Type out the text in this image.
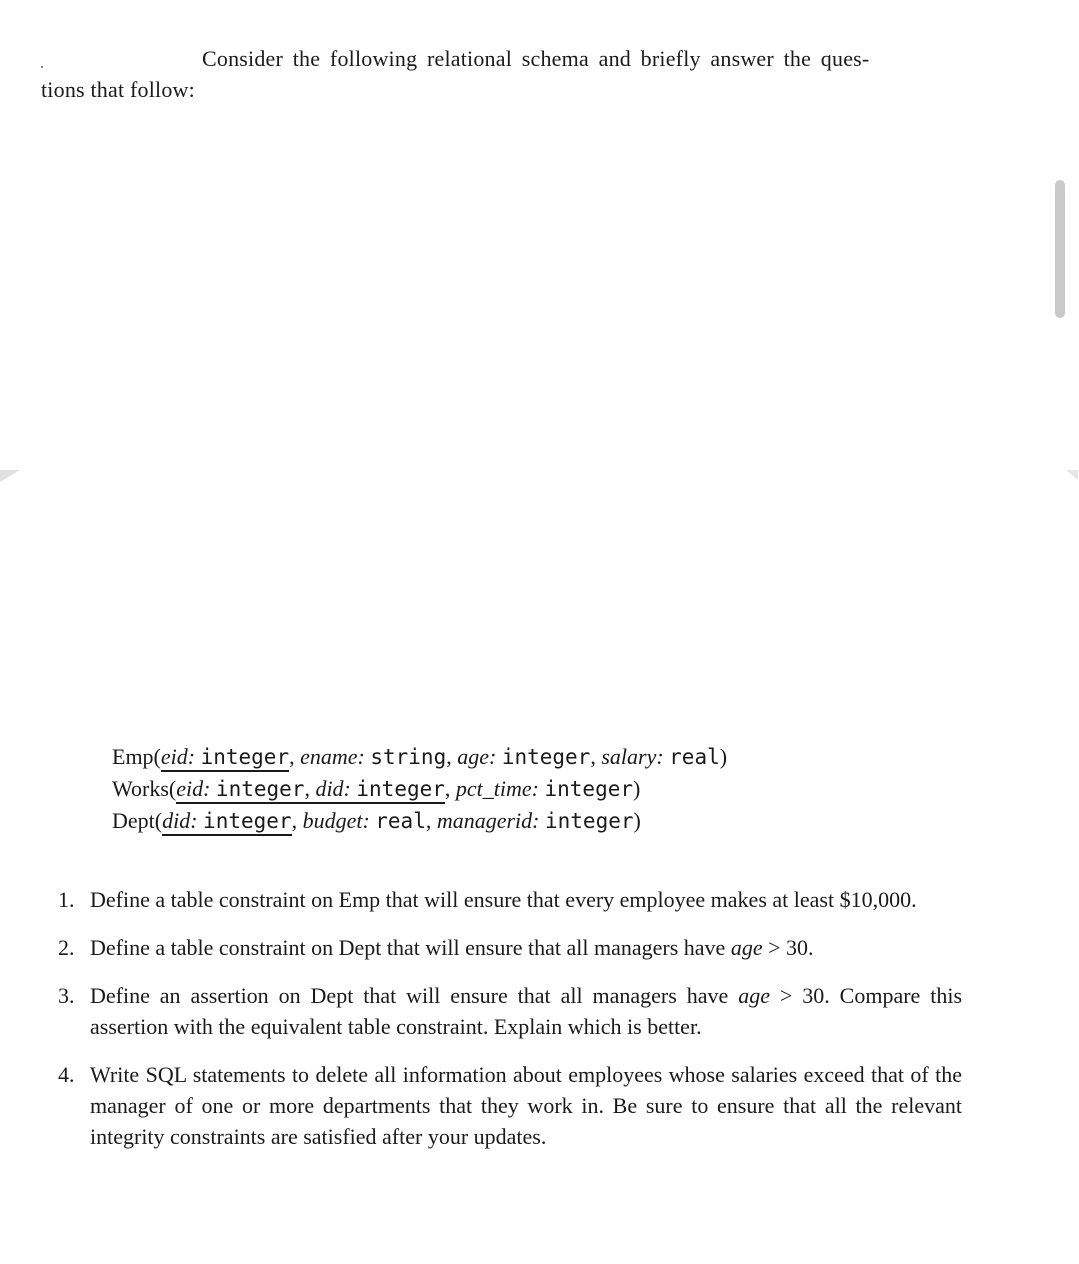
Consider the following relational schema and briefly answer the ques-
tions that follow:
Emp(eid: integer, ename: string, age: integer, salary: real)
Works(eid: integer, did: integer, pct_time: integer)
Dept(did: integer, budget: real, managerid: integer)
1. Define a table constraint on Emp that will ensure that every employee makes at least $10,000.
2. Define a table constraint on Dept that will ensure that all managers have age > 30.
3. Define an assertion on Dept that will ensure that all managers have age > 30. Compare this assertion with the equivalent table constraint. Explain which is better.
4. Write SQL statements to delete all information about employees whose salaries exceed that of the manager of one or more departments that they work in. Be sure to ensure that all the relevant integrity constraints are satisfied after your updates.
